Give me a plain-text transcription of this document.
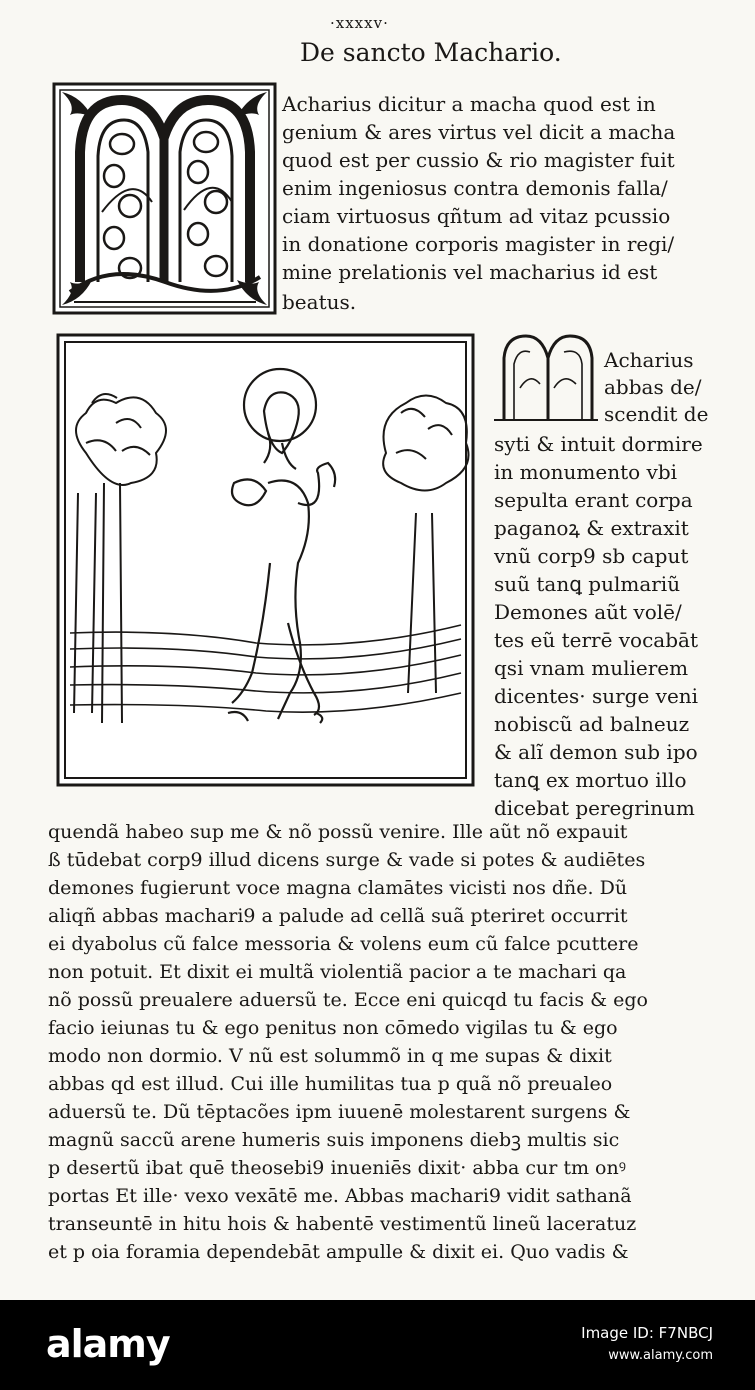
·xxxxv·
De sancto Machario.
Acharius dicitur a macha quod est in
genium & ares virtus vel dicit a macha
quod est per cussio & rio magister fuit
enim ingeniosus contra demonis falla/
ciam virtuosus qñtum ad vitaz pcussio
in donatione corporis magister in regi/
mine prelationis vel macharius id est
beatus.
Acharius
abbas de/
scendit de
syti & intuit dormire
in monumento vbi
sepulta erant corpa
paganoꝝ & extraxit
vnũ corp9 sb caput
suũ tanꝗ pulmariũ
Demones aũt volē/
tes eũ terrē vocabāt
qsi vnam mulierem
dicentes· surge veni
nobiscũ ad balneuz
& alĩ demon sub ipo
tanꝗ ex mortuo illo
dicebat peregrinum
quendã habeo sup me & nõ possũ venire. Ille aũt nõ expauit
ß tūdebat corp9 illud dicens surge & vade si potes & audiētes
demones fugierunt voce magna clamātes vicisti nos dñe. Dũ
aliqñ abbas machari9 a palude ad cellã suã pteriret occurrit
ei dyabolus cũ falce messoria & volens eum cũ falce pcuttere
non potuit. Et dixit ei multã violentiã pacior a te machari qa
nõ possũ preualere aduersũ te. Ecce eni quicqd tu facis & ego
facio ieiunas tu & ego penitus non cōmedo vigilas tu & ego
modo non dormio. V nũ est solummõ in q me supas & dixit
abbas qd est illud. Cui ille humilitas tua p quã nõ preualeo
aduersũ te. Dũ tēptacões ipm iuuenē molestarent surgens &
magnũ saccũ arene humeris suis imponens diebꝫ multis sic
p desertũ ibat quē theosebi9 inueniēs dixit· abba cur tm onꝰ
portas Et ille· vexo vexātē me. Abbas machari9 vidit sathanã
transeuntē in hitu hois & habentē vestimentũ lineũ laceratuz
et p oia foramia dependebāt ampulle & dixit ei. Quo vadis &
alamy	Image ID: F7NBCJ
www.alamy.com
